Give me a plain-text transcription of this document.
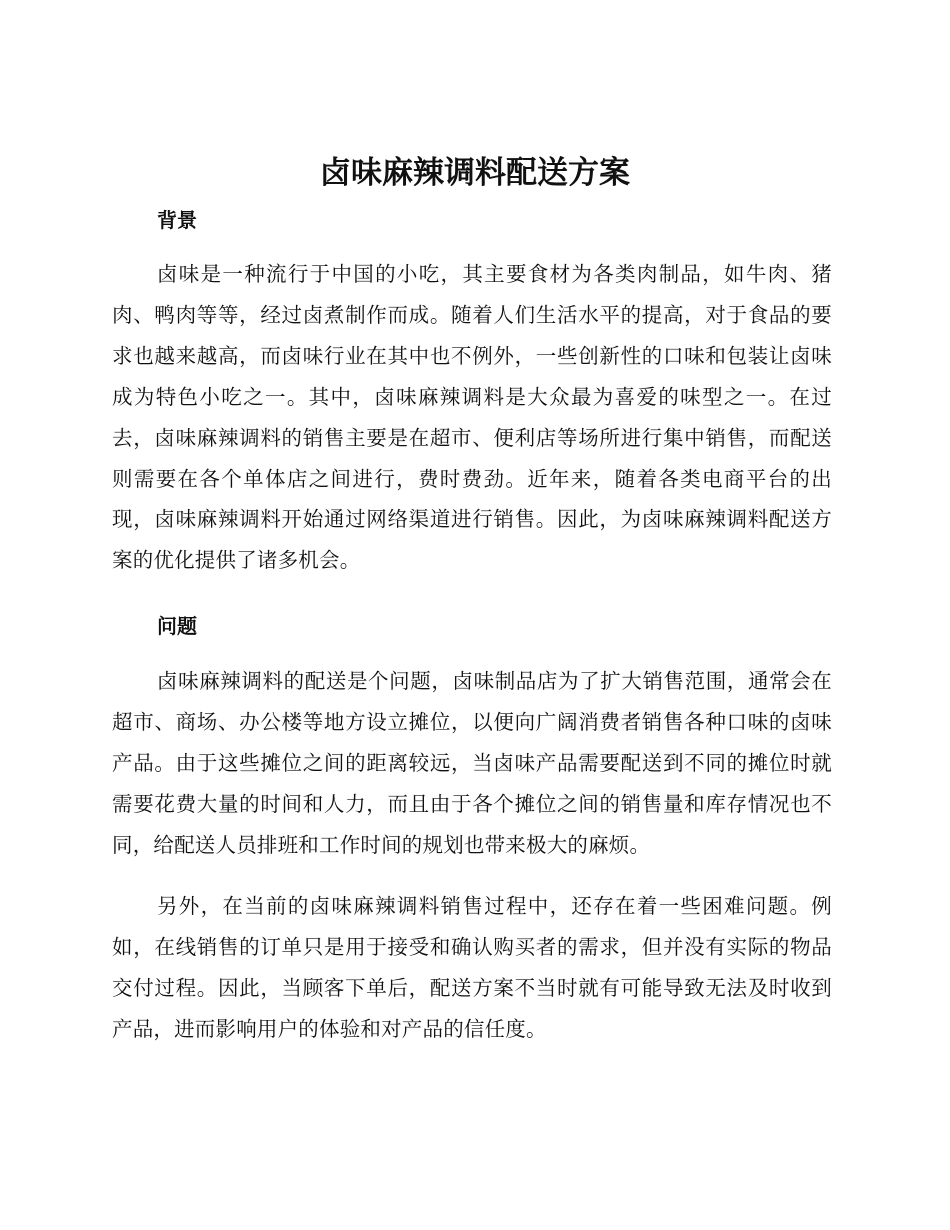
卤味麻辣调料配送方案
背景

卤味是一种流行于中国的小吃，其主要食材为各类肉制品，如牛肉、猪肉、鸭肉等等，经过卤煮制作而成。随着人们生活水平的提高，对于食品的要求也越来越高，而卤味行业在其中也不例外，一些创新性的口味和包装让卤味成为特色小吃之一。其中，卤味麻辣调料是大众最为喜爱的味型之一。在过去，卤味麻辣调料的销售主要是在超市、便利店等场所进行集中销售，而配送则需要在各个单体店之间进行，费时费劲。近年来，随着各类电商平台的出现，卤味麻辣调料开始通过网络渠道进行销售。因此，为卤味麻辣调料配送方案的优化提供了诸多机会。

问题

卤味麻辣调料的配送是个问题，卤味制品店为了扩大销售范围，通常会在超市、商场、办公楼等地方设立摊位，以便向广阔消费者销售各种口味的卤味产品。由于这些摊位之间的距离较远，当卤味产品需要配送到不同的摊位时就需要花费大量的时间和人力，而且由于各个摊位之间的销售量和库存情况也不同，给配送人员排班和工作时间的规划也带来极大的麻烦。

另外，在当前的卤味麻辣调料销售过程中，还存在着一些困难问题。例如，在线销售的订单只是用于接受和确认购买者的需求，但并没有实际的物品交付过程。因此，当顾客下单后，配送方案不当时就有可能导致无法及时收到产品，进而影响用户的体验和对产品的信任度。
